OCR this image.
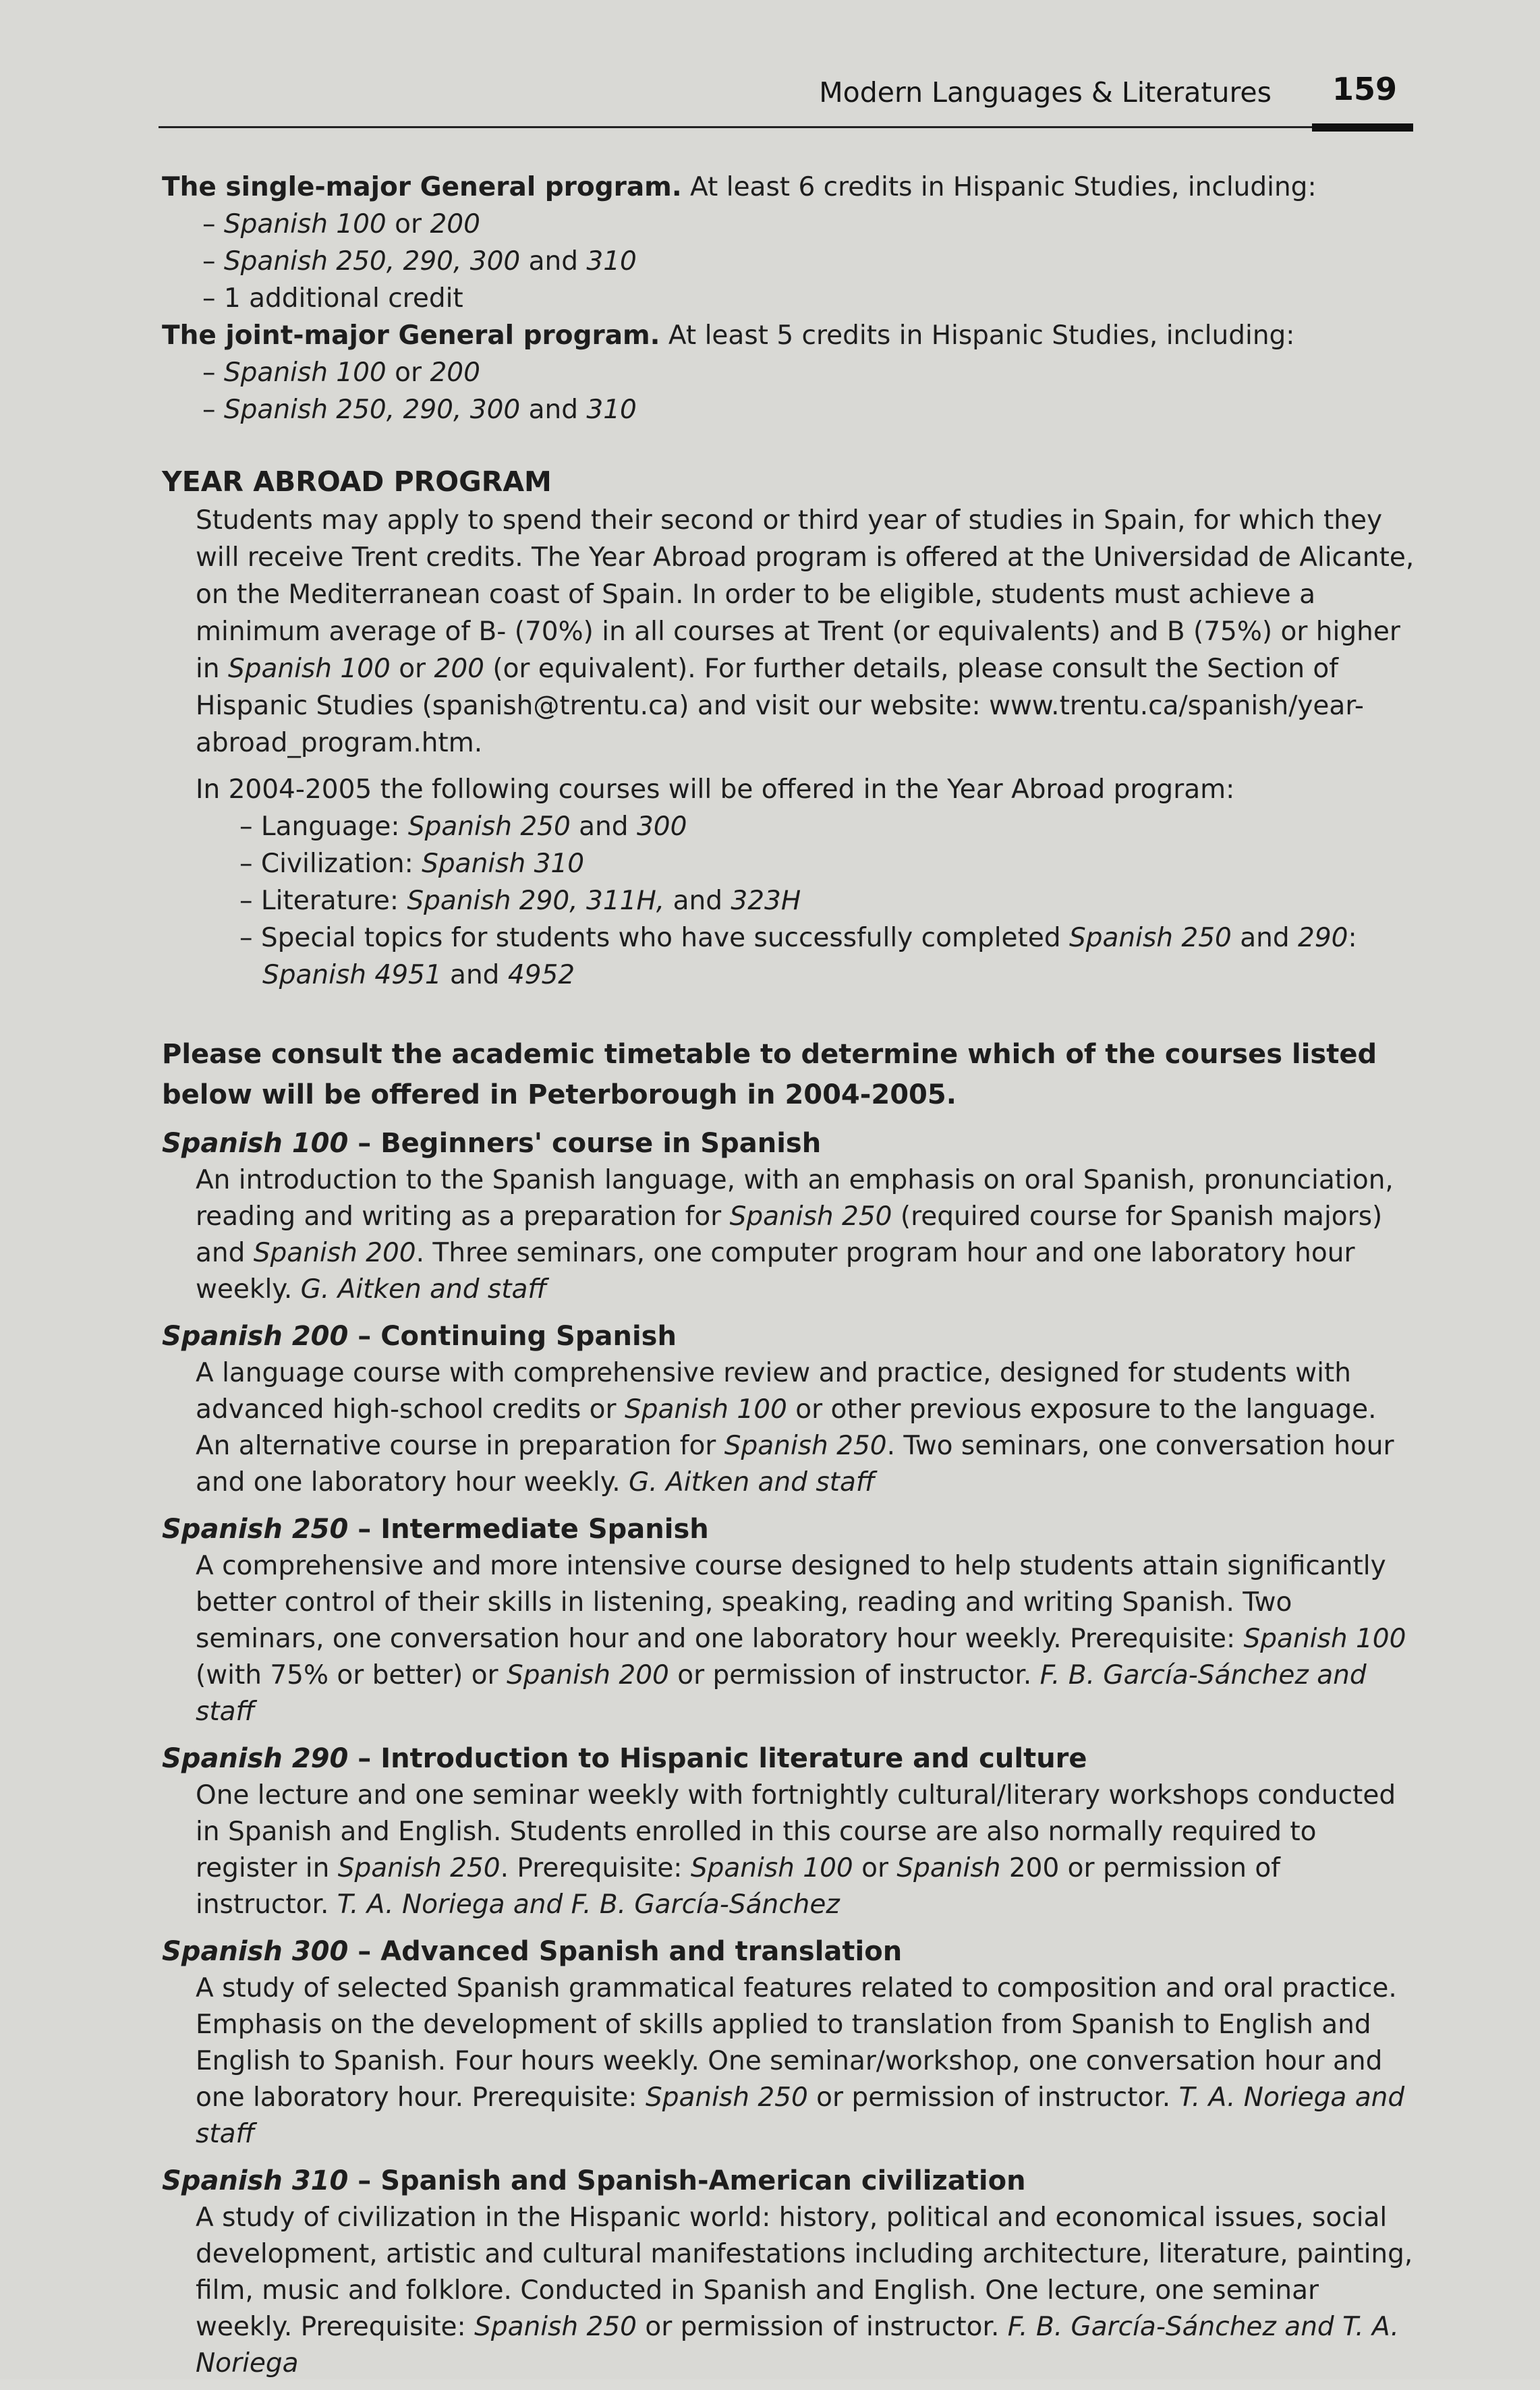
Modern Languages & Literatures 159

The single-major General program. At least 6 credits in Hispanic Studies, including:

– Spanish 100 or 200
– Spanish 250, 290, 300 and 310
– 1 additional credit

The joint-major General program. At least 5 credits in Hispanic Studies, including:

– Spanish 100 or 200
– Spanish 250, 290, 300 and 310
YEAR ABROAD PROGRAM

Students may apply to spend their second or third year of studies in Spain, for which they will receive Trent credits. The Year Abroad program is offered at the Universidad de Alicante, on the Mediterranean coast of Spain. In order to be eligible, students must achieve a minimum average of B- (70%) in all courses at Trent (or equivalents) and B (75%) or higher in Spanish 100 or 200 (or equivalent). For further details, please consult the Section of Hispanic Studies (spanish@trentu.ca) and visit our website: www.trentu.ca/spanish/year-abroad_program.htm.

In 2004-2005 the following courses will be offered in the Year Abroad program:

– Language: Spanish 250 and 300
– Civilization: Spanish 310
– Literature: Spanish 290, 311H, and 323H
– Special topics for students who have successfully completed Spanish 250 and 290: Spanish 4951 and 4952

Please consult the academic timetable to determine which of the courses listed below will be offered in Peterborough in 2004-2005.

Spanish 100 – Beginners' course in Spanish
An introduction to the Spanish language, with an emphasis on oral Spanish, pronunciation, reading and writing as a preparation for Spanish 250 (required course for Spanish majors) and Spanish 200. Three seminars, one computer program hour and one laboratory hour weekly. G. Aitken and staff
Spanish 200 – Continuing Spanish
A language course with comprehensive review and practice, designed for students with advanced high-school credits or Spanish 100 or other previous exposure to the language. An alternative course in preparation for Spanish 250. Two seminars, one conversation hour and one laboratory hour weekly. G. Aitken and staff
Spanish 250 – Intermediate Spanish
A comprehensive and more intensive course designed to help students attain significantly better control of their skills in listening, speaking, reading and writing Spanish. Two seminars, one conversation hour and one laboratory hour weekly. Prerequisite: Spanish 100 (with 75% or better) or Spanish 200 or permission of instructor. F. B. García-Sánchez and staff
Spanish 290 – Introduction to Hispanic literature and culture
One lecture and one seminar weekly with fortnightly cultural/literary workshops conducted in Spanish and English. Students enrolled in this course are also normally required to register in Spanish 250. Prerequisite: Spanish 100 or Spanish 200 or permission of instructor. T. A. Noriega and F. B. García-Sánchez
Spanish 300 – Advanced Spanish and translation
A study of selected Spanish grammatical features related to composition and oral practice. Emphasis on the development of skills applied to translation from Spanish to English and English to Spanish. Four hours weekly. One seminar/workshop, one conversation hour and one laboratory hour. Prerequisite: Spanish 250 or permission of instructor. T. A. Noriega and staff
Spanish 310 – Spanish and Spanish-American civilization
A study of civilization in the Hispanic world: history, political and economical issues, social development, artistic and cultural manifestations including architecture, literature, painting, film, music and folklore. Conducted in Spanish and English. One lecture, one seminar weekly. Prerequisite: Spanish 250 or permission of instructor. F. B. García-Sánchez and T. A. Noriega
